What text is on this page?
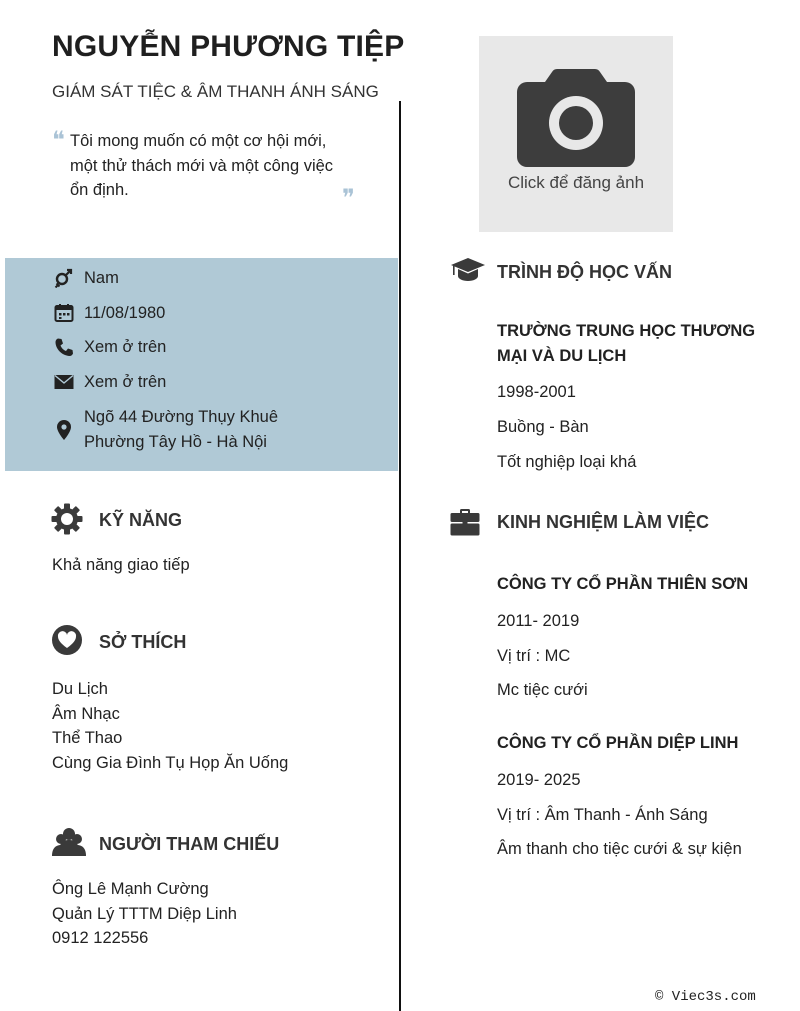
NGUYỄN PHƯƠNG TIỆP
GIÁM SÁT TIỆC & ÂM THANH ÁNH SÁNG
❝ Tôi mong muốn có một cơ hội mới, một thử thách mới và một công việc ổn định.	❞
Click để đăng ảnh
Nam
11/08/1980
Xem ở trên
Xem ở trên
Ngõ 44 Đường Thụy Khuê
Phường Tây Hồ - Hà Nội
KỸ NĂNG
Khả năng giao tiếp
SỞ THÍCH
Du Lịch
Âm Nhạc
Thể Thao
Cùng Gia Đình Tụ Họp Ăn Uống
NGƯỜI THAM CHIẾU
Ông Lê Mạnh Cường
Quản Lý TTTM Diệp Linh
0912 122556
TRÌNH ĐỘ HỌC VẤN
TRƯỜNG TRUNG HỌC THƯƠNG MẠI VÀ DU LỊCH
1998-2001
Buồng - Bàn
Tốt nghiệp loại khá
KINH NGHIỆM LÀM VIỆC
CÔNG TY CỔ PHẦN THIÊN SƠN
2011- 2019
Vị trí : MC
Mc tiệc cưới
CÔNG TY CỔ PHẦN DIỆP LINH
2019- 2025
Vị trí : Âm Thanh - Ánh Sáng
Âm thanh cho tiệc cưới & sự kiện
© Viec3s.com
